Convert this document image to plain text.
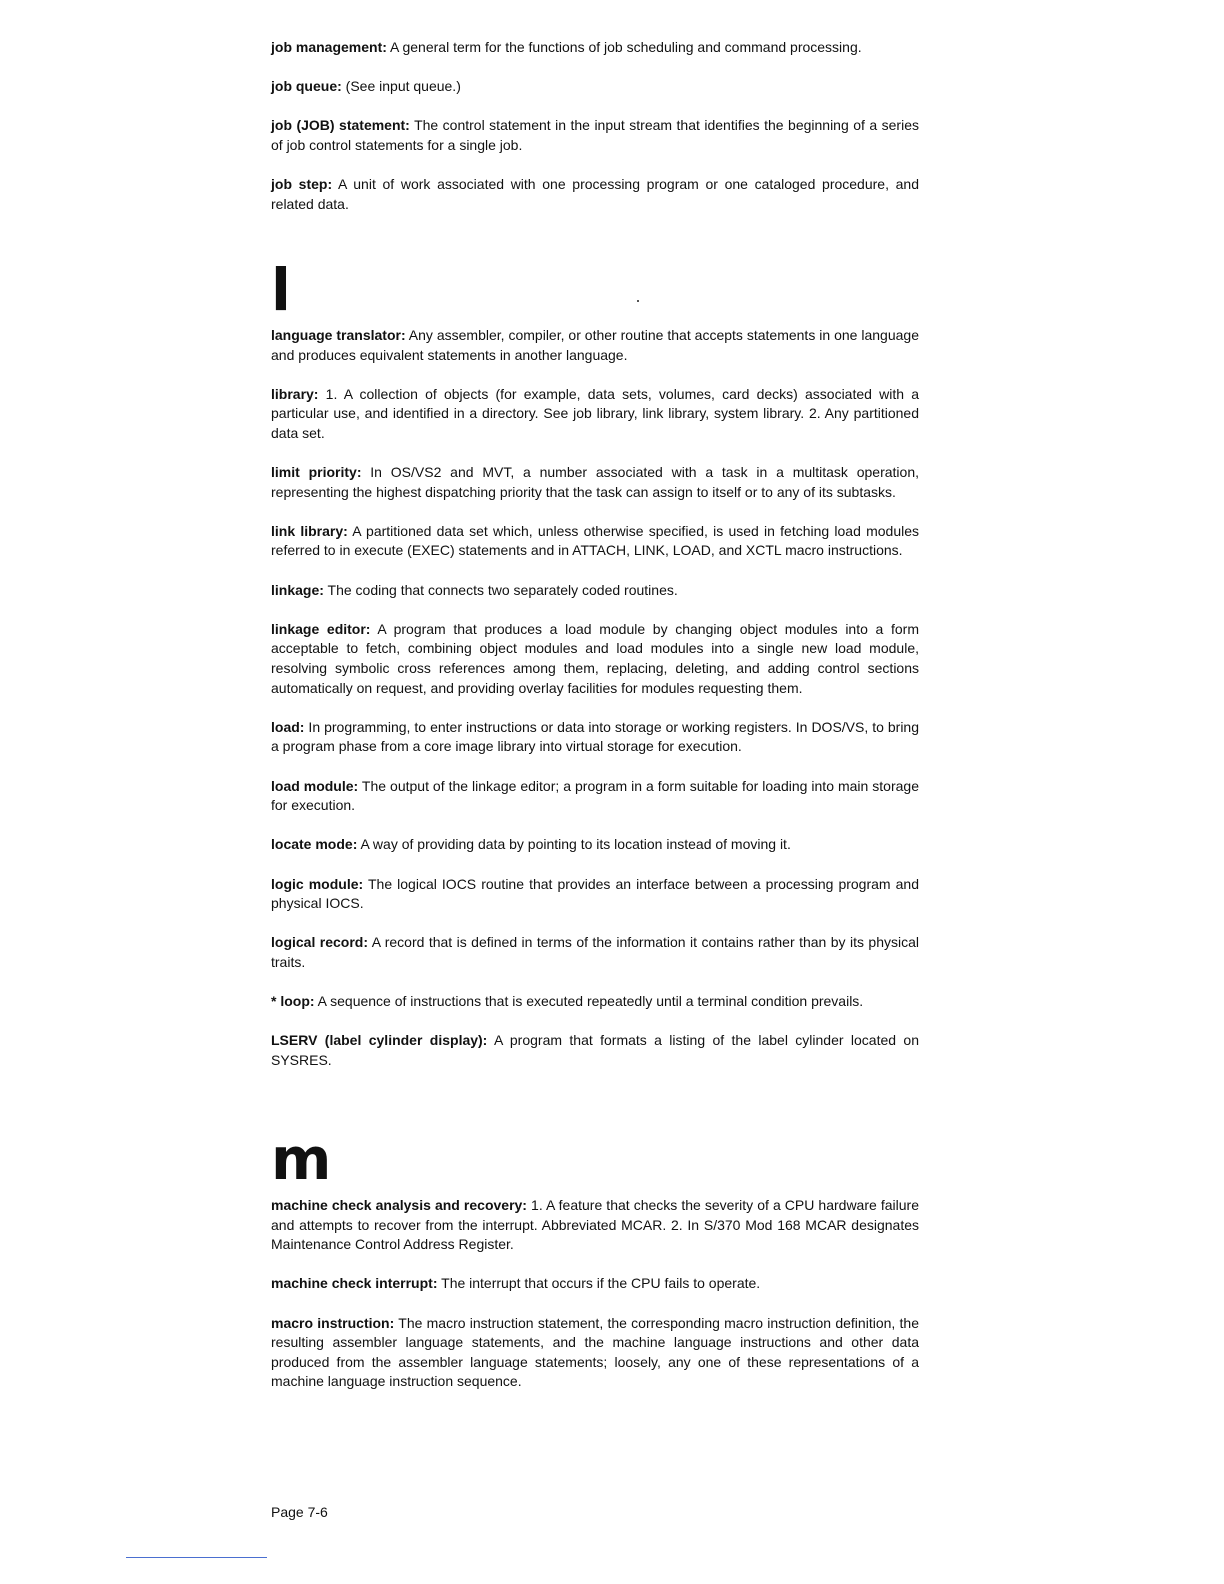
job management: A general term for the functions of job scheduling and command processing.

job queue: (See input queue.)

job (JOB) statement: The control statement in the input stream that identifies the beginning of a series of job control statements for a single job.

job step: A unit of work associated with one processing program or one cataloged procedure, and related data.

l

language translator: Any assembler, compiler, or other routine that accepts statements in one language and produces equivalent statements in another language.

library: 1. A collection of objects (for example, data sets, volumes, card decks) associated with a particular use, and identified in a directory. See job library, link library, system library. 2. Any partitioned data set.

limit priority: In OS/VS2 and MVT, a number associated with a task in a multitask operation, representing the highest dispatching priority that the task can assign to itself or to any of its subtasks.

link library: A partitioned data set which, unless otherwise specified, is used in fetching load modules referred to in execute (EXEC) statements and in ATTACH, LINK, LOAD, and XCTL macro instructions.

linkage: The coding that connects two separately coded routines.

linkage editor: A program that produces a load module by changing object modules into a form acceptable to fetch, combining object modules and load modules into a single new load module, resolving symbolic cross references among them, replacing, deleting, and adding control sections automatically on request, and providing overlay facilities for modules requesting them.

load: In programming, to enter instructions or data into storage or working registers. In DOS/VS, to bring a program phase from a core image library into virtual storage for execution.

load module: The output of the linkage editor; a program in a form suitable for loading into main storage for execution.

locate mode: A way of providing data by pointing to its location instead of moving it.

logic module: The logical IOCS routine that provides an interface between a processing program and physical IOCS.

logical record: A record that is defined in terms of the information it contains rather than by its physical traits.

* loop: A sequence of instructions that is executed repeatedly until a terminal condition prevails.

LSERV (label cylinder display): A program that formats a listing of the label cylinder located on SYSRES.

m

machine check analysis and recovery: 1. A feature that checks the severity of a CPU hardware failure and attempts to recover from the interrupt. Abbreviated MCAR. 2. In S/370 Mod 168 MCAR designates Maintenance Control Address Register.

machine check interrupt: The interrupt that occurs if the CPU fails to operate.

macro instruction: The macro instruction statement, the corresponding macro instruction definition, the resulting assembler language statements, and the machine language instructions and other data produced from the assembler language statements; loosely, any one of these representations of a machine language instruction sequence.

Page 7-6
